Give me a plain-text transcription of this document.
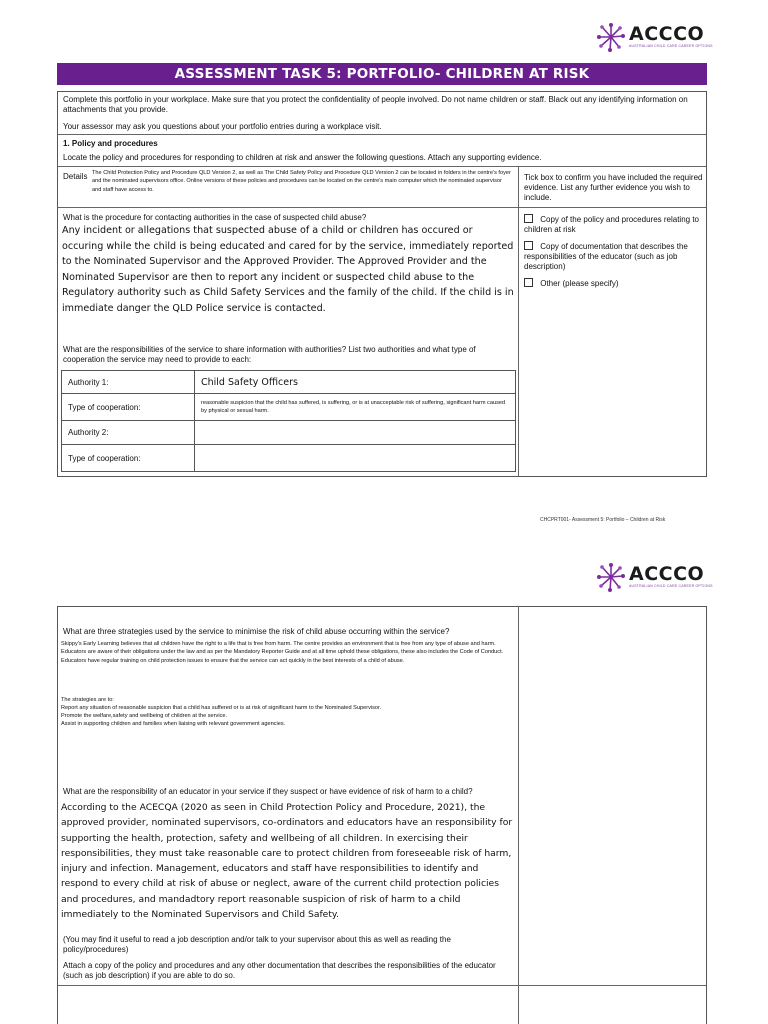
ACCCO
AUSTRALIAN CHILD CARE CAREER OPTIONS
ASSESSMENT TASK 5: PORTFOLIO- CHILDREN AT RISK
Complete this portfolio in your workplace. Make sure that you protect the confidentiality of people involved. Do not name children or staff. Black out any identifying information on attachments that you provide.
Your assessor may ask you questions about your portfolio entries during a workplace visit.
1. Policy and procedures
Locate the policy and procedures for responding to children at risk and answer the following questions. Attach any supporting evidence.
Details The Child Protection Policy and Procedure QLD Version 2, as well as The Child Safety Policy and Procedure QLD Version 2 can be located in folders in the centre's foyer and the nominated supervisors office. Online versions of these policies and procedures can be located on the centre's main computer which the nominated supervisor and staff have access to.
Tick box to confirm you have included the required evidence. List any further evidence you wish to include.
What is the procedure for contacting authorities in the case of suspected child abuse?
Any incident or allegations that suspected abuse of a child or children has occured or occuring while the child is being educated and cared for by the service, immediately reported to the Nominated Supervisor and the Approved Provider. The Approved Provider and the Nominated Supervisor are then to report any incident or suspected child abuse to the Regulatory authority such as Child Safety Services and the family of the child. If the child is in immediate danger the QLD Police service is contacted.
Copy of the policy and procedures relating to children at risk
Copy of documentation that describes the responsibilities of the educator (such as job description)
Other (please specify)
What are the responsibilities of the service to share information with authorities? List two authorities and what type of cooperation the service may need to provide to each:
Authority 1:	Child Safety Officers
Type of cooperation:	reasonable suspicion that the child has suffered, is suffering, or is at unacceptable risk of suffering, significant harm caused by physical or sexual harm.
Authority 2:	
Type of cooperation:	
CHCPRT001- Assessment 5: Portfolio – Children at Risk
ACCCO
AUSTRALIAN CHILD CARE CAREER OPTIONS
What are three strategies used by the service to minimise the risk of child abuse occurring within the service?
Skippy's Early Learning believes that all children have the right to a life that is free from harm. The centre provides an environment that is free from any type of abuse and harm. Educators are aware of their obligations under the law and as per the Mandatory Reporter Guide and at all time uphold these obligations, these also includes the Code of Conduct. Educators have regular training on child protection issues to ensure that the service can act quickly in the best interests of a child of abuse.
The strategies are to:
Report any situation of reasonable suspicion that a child has suffered or is at risk of significant harm to the Nominated Supervisor.
Promote the welfare,safety and wellbeing of children at the service.
Assist in supporting children and families when liaising with relevant government agencies.
What are the responsibility of an educator in your service if they suspect or have evidence of risk of harm to a child?
According to the ACECQA (2020 as seen in Child Protection Policy and Procedure, 2021), the approved provider, nominated supervisors, co-ordinators and educators have an responsibility for supporting the health, protection, safety and wellbeing of all children. In exercising their responsibilities, they must take reasonable care to protect children from foreseeable risk of harm, injury and infection. Management, educators and staff have responsibilities to identify and respond to every child at risk of abuse or neglect, aware of the current child protection policies and procedures, and mandadtory report reasonable suspicion of risk of harm to a child immediately to the Nominated Supervisors and Child Safety.
(You may find it useful to read a job description and/or talk to your supervisor about this as well as reading the policy/procedures)
Attach a copy of the policy and procedures and any other documentation that describes the responsibilities of the educator (such as job description) if you are able to do so.
